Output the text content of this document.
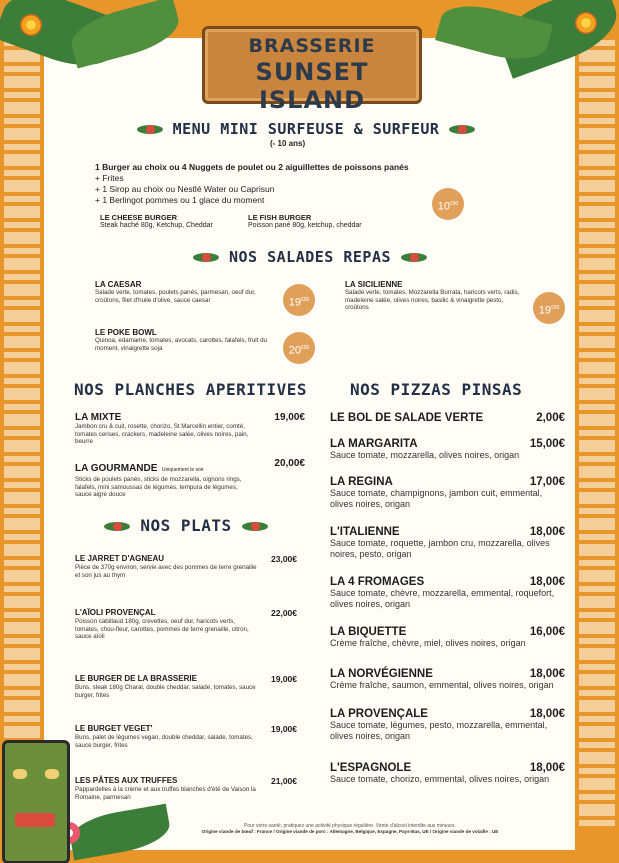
BRASSERIE
SUNSET ISLAND
MENU MINI SURFEUSE & SURFEUR
(- 10 ans)
1 Burger au choix ou 4 Nuggets de poulet ou 2 aiguillettes de poissons panés
+ Frites
+ 1 Sirop au choix ou Nestlé Water ou Caprisun
+ 1 Berlingot pommes ou 1 glace du moment
$10^{€90}$
LE CHEESE BURGER
Steak haché 80g, Ketchup, Cheddar
LE FISH BURGER
Poisson pané 80g, ketchup, cheddar
NOS SALADES REPAS
LA CAESAR
Salade verte, tomates, poulets panés, parmesan, oeuf dur, croûtons, filet d'huile d'olive, sauce caesar	$19^{€00}$
LA SICILIENNE
Salade verte, tomates, Mozzarella Burrata, haricots verts, radis, madeleine salée, olives noires, basilic & vinaigrette pesto, croûtons	$19^{€00}$
LE POKE BOWL
Quinoa, edamame, tomates, avocats, carottes, falafels, fruit du moment, vinaigrette soja	$20^{€00}$
NOS PLANCHES APERITIVES
LA MIXTE	19,00€
Jambon cru & cuit, rosette, chorizo, St Marcellin entier, comté, tomates cerises, crackers, madeleine salée, olives noires, pain, beurre
LA GOURMANDE Uniquement le soir
20,00€
Sticks de poulets panés, sticks de mozzarella, oignons rings, falafels, mini samoussas de légumes, tempura de légumes, sauce aigre douce
NOS PLATS
LE JARRET D'AGNEAU	23,00€
Pièce de 370g environ, servie avec des pommes de terre grenaille et son jus au thym
L'AÏOLI PROVENÇAL	22,00€
Poisson cabillaud 180g, crevettes, oeuf dur, haricots verts, tomates, chou-fleur, carottes, pommes de terre grenaille, citron, sauce aïoli
LE BURGER DE LA BRASSERIE	19,00€
Buns, steak 180g Charal, double cheddar, salade, tomates, sauce burger, frites
LE BURGET VEGET'	19,00€
Buns, palet de légumes vegan, double cheddar, salade, tomates, sauce burger, frites
LES PÂTES AUX TRUFFES	21,00€
Pappardelles à la crème et aux truffes blanches d'été de Vaison la Romaine, parmesan
NOS PIZZAS PINSAS
LE BOL DE SALADE VERTE	2,00€
LA MARGARITA	15,00€
Sauce tomate, mozzarella, olives noires, origan
LA REGINA	17,00€
Sauce tomate, champignons, jambon cuit, emmental, olives noires, origan
L'ITALIENNE	18,00€
Sauce tomate, roquette, jambon cru, mozzarella, olives noires, pesto, origan
LA 4 FROMAGES	18,00€
Sauce tomate, chèvre, mozzarella, emmental, roquefort, olives noires, origan
LA BIQUETTE	16,00€
Crème fraîche, chèvre, miel, olives noires, origan
LA NORVÉGIENNE	18,00€
Crème fraîche, saumon, emmental, olives noires, origan
LA PROVENÇALE	18,00€
Sauce tomate, légumes, pesto, mozzarella, emmental, olives noires, origan
L'ESPAGNOLE	18,00€
Sauce tomate, chorizo, emmental, olives noires, origan
Pour votre santé, pratiquez une activité physique régulière. Vente d'alcool interdite aux mineurs.
Origine viande de bœuf : France / Origine viande de porc : Allemagne, Belgique, Espagne, Pays-Bas, UE / Origine viande de volaille : UE
